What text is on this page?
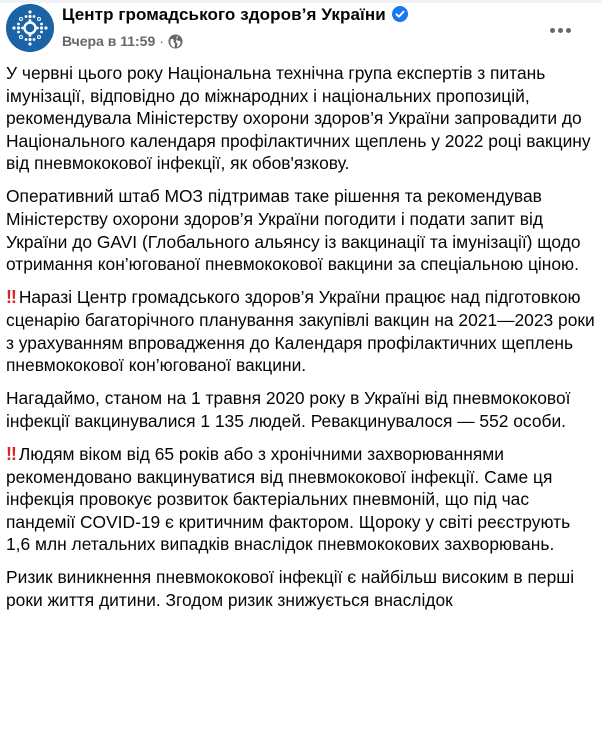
Центр громадського здоров’я України
Вчера в 11:59 ·

У червні цього року Національна технічна група експертів з питань імунізації, відповідно до міжнародних і національних пропозицій, рекомендувала Міністерству охорони здоров’я України запровадити до Національного календаря профілактичних щеплень у 2022 році вакцину від пневмококової інфекції, як обов'язкову.

Оперативний штаб МОЗ підтримав таке рішення та рекомендував Міністерству охорони здоров’я України погодити і подати запит від України до GAVI (Глобального альянсу із вакцинації та імунізації) щодо отримання кон’югованої пневмококової вакцини за спеціальною ціною.

‼ Наразі Центр громадського здоров’я України працює над підготовкою сценарію багаторічного планування закупівлі вакцин на 2021—2023 роки з урахуванням впровадження до Календаря профілактичних щеплень пневмококової кон’югованої вакцини.

Нагадаймо, станом на 1 травня 2020 року в Україні від пневмококової інфекції вакцинувалися 1 135 людей. Ревакцинувалося — 552 особи.

‼ Людям віком від 65 років або з хронічними захворюваннями рекомендовано вакцинуватися від пневмококової інфекції. Саме ця інфекція провокує розвиток бактеріальних пневмоній, що під час пандемії COVID-19 є критичним фактором. Щороку у світі реєструють 1,6 млн летальних випадків внаслідок пневмококових захворювань.

Ризик виникнення пневмококової інфекції є найбільш високим в перші роки життя дитини. Згодом ризик знижується внаслідок
